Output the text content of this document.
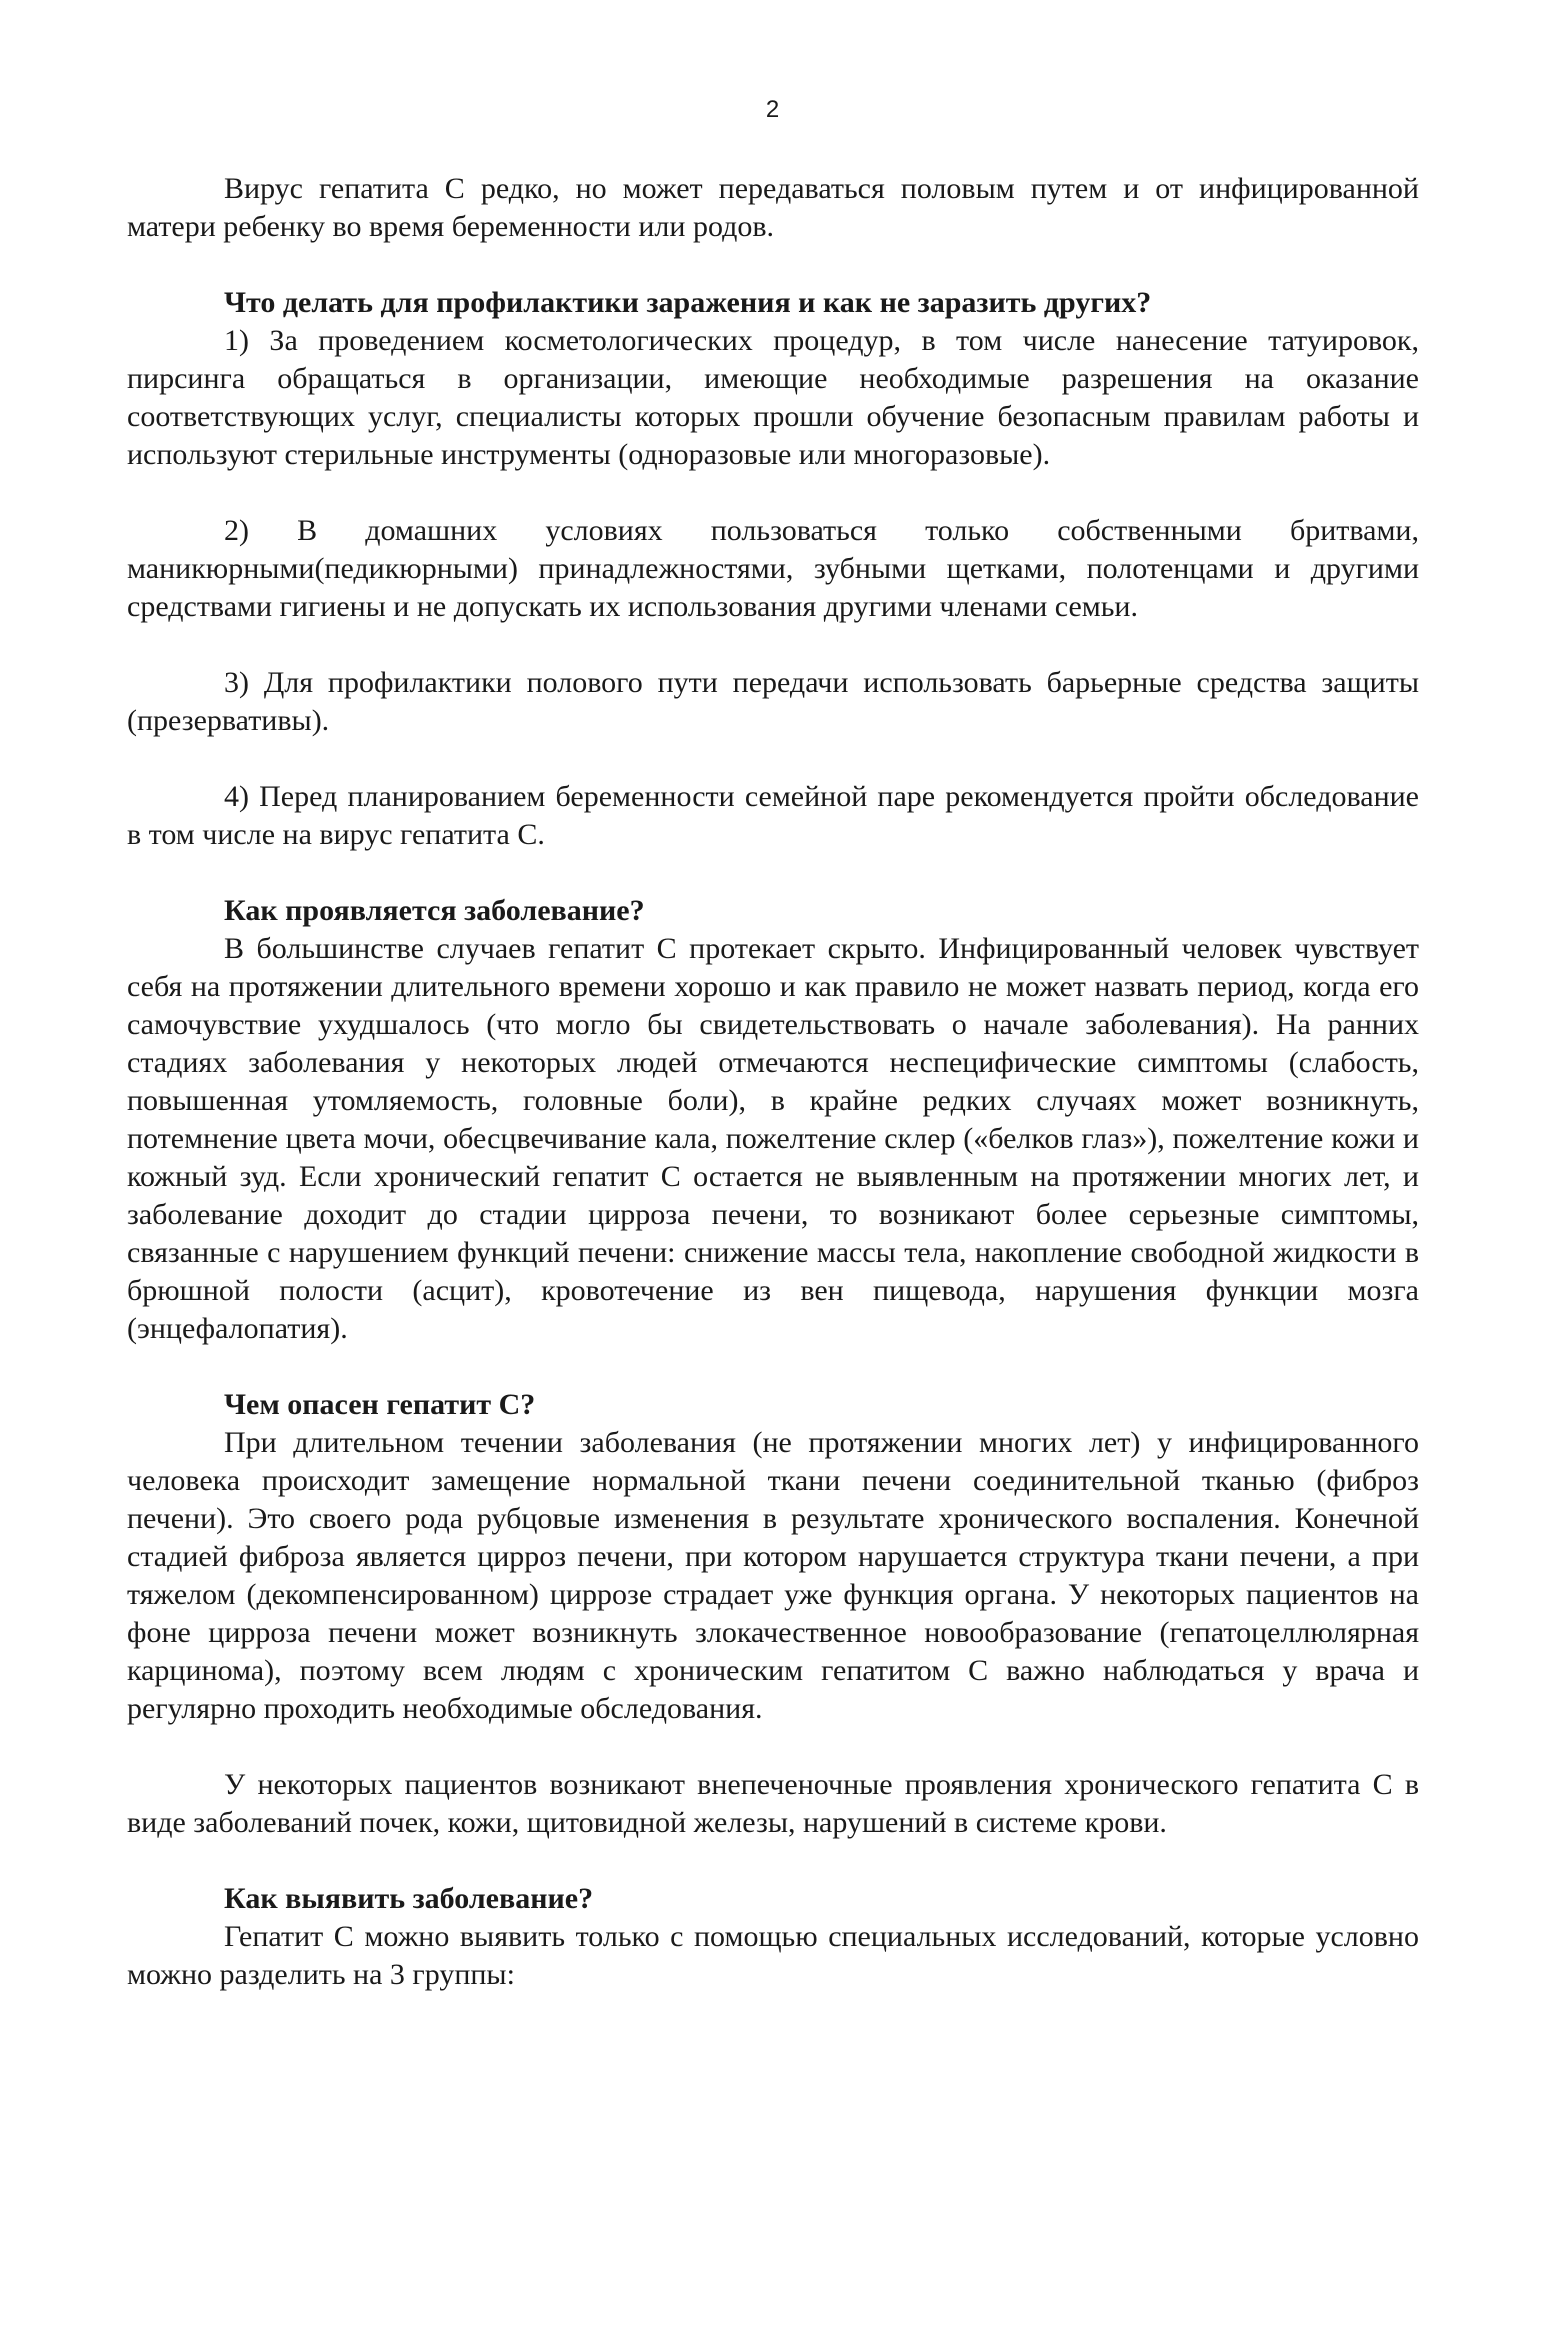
2

Вирус гепатита С редко, но может передаваться половым путем и от инфицированной матери ребенку во время беременности или родов.

Что делать для профилактики заражения и как не заразить других?

1) За проведением косметологических процедур, в том числе нанесение татуировок, пирсинга обращаться в организации, имеющие необходимые разрешения на оказание соответствующих услуг, специалисты которых прошли обучение безопасным правилам работы и используют стерильные инструменты (одноразовые или многоразовые).

2) В домашних условиях пользоваться только собственными бритвами, маникюрными(педикюрными) принадлежностями, зубными щетками, полотенцами и другими средствами гигиены и не допускать их использования другими членами семьи.

3) Для профилактики полового пути передачи использовать барьерные средства защиты (презервативы).

4) Перед планированием беременности семейной паре рекомендуется пройти обследование в том числе на вирус гепатита С.

Как проявляется заболевание?

В большинстве случаев гепатит С протекает скрыто. Инфицированный человек чувствует себя на протяжении длительного времени хорошо и как правило не может назвать период, когда его самочувствие ухудшалось (что могло бы свидетельствовать о начале заболевания). На ранних стадиях заболевания у некоторых людей отмечаются неспецифические симптомы (слабость, повышенная утомляемость, головные боли), в крайне редких случаях может возникнуть, потемнение цвета мочи, обесцвечивание кала, пожелтение склер («белков глаз»), пожелтение кожи и кожный зуд. Если хронический гепатит С остается не выявленным на протяжении многих лет, и заболевание доходит до стадии цирроза печени, то возникают более серьезные симптомы, связанные с нарушением функций печени: снижение массы тела, накопление свободной жидкости в брюшной полости (асцит), кровотечение из вен пищевода, нарушения функции мозга (энцефалопатия).

Чем опасен гепатит С?

При длительном течении заболевания (не протяжении многих лет) у инфицированного человека происходит замещение нормальной ткани печени соединительной тканью (фиброз печени). Это своего рода рубцовые изменения в результате хронического воспаления. Конечной стадией фиброза является цирроз печени, при котором нарушается структура ткани печени, а при тяжелом (декомпенсированном) циррозе страдает уже функция органа. У некоторых пациентов на фоне цирроза печени может возникнуть злокачественное новообразование (гепатоцеллюлярная карцинома), поэтому всем людям с хроническим гепатитом С важно наблюдаться у врача и регулярно проходить необходимые обследования.

У некоторых пациентов возникают внепеченочные проявления хронического гепатита С в виде заболеваний почек, кожи, щитовидной железы, нарушений в системе крови.

Как выявить заболевание?

Гепатит С можно выявить только с помощью специальных исследований, которые условно можно разделить на 3 группы:
